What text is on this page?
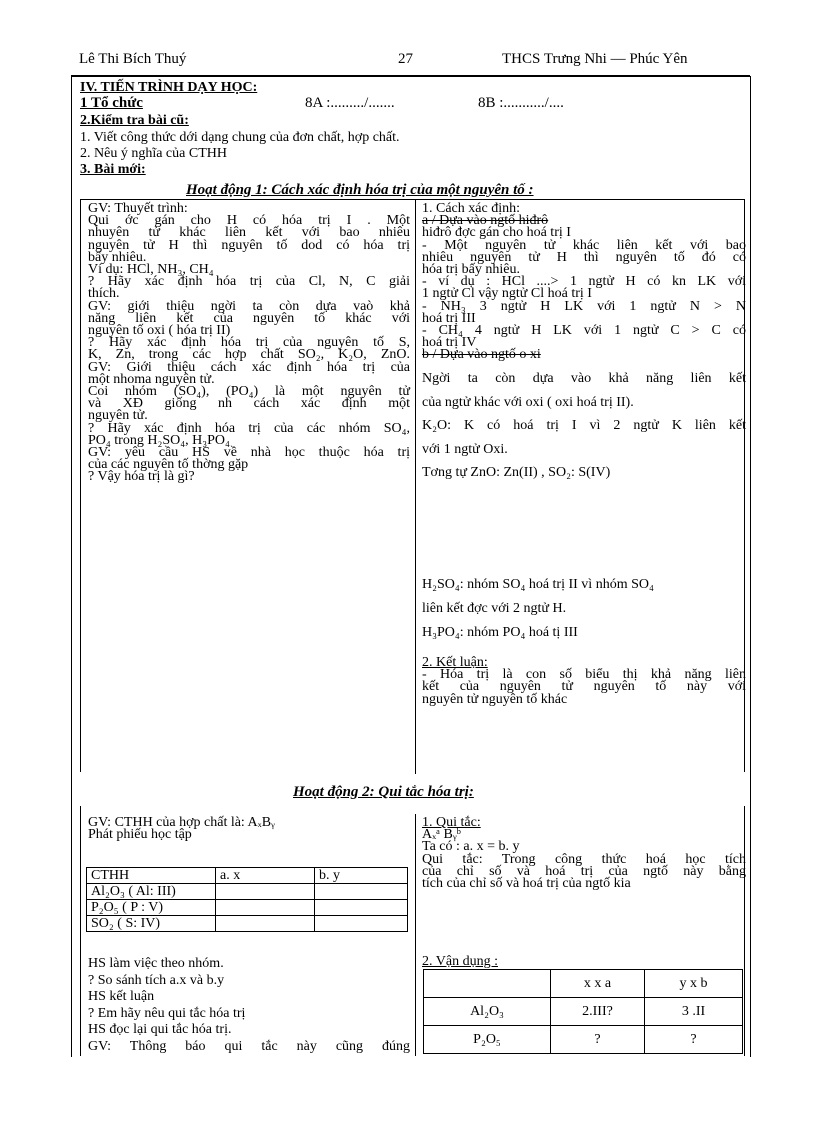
Lê Thi Bích Thuý	27	THCS Trưng Nhi — Phúc Yên
IV. TIẾN TRÌNH DẠY HỌC:
1 Tổ chức	8A :........./.......	8B :.........../....
2.Kiểm tra bài cũ:
1. Viết công thức dới dạng chung của đơn chất, hợp chất.
2. Nêu ý nghĩa của CTHH
3. Bài mới:
Hoạt động 1: Cách xác định hóa trị của một nguyên tố :
GV: Thuyết trình:
Qui ớc gán cho H có hóa trị I . Một
nhuyên tử khác liên kết với bao nhiêu
nguyên tử H thì nguyên tố dod có hóa trị
bấy nhiêu.
Ví dụ: HCl, NH₃, CH₄
? Hãy xác định hóa trị của Cl, N, C giải
thích.
GV: giới thiệu ngời ta còn dựa vaò khả
năng liên kết của nguyên tố khác với
nguyên tố oxi ( hóa trị II)
? Hãy xác định hóa trị của nguyên tố S,
K, Zn, trong các hợp chất SO₂, K₂O, ZnO.
GV: Giới thiệu cách xác định hóa trị của
một nhoma nguyên tử.
Coi nhóm (SO₄), (PO₄) là một nguyên tử
và XĐ giống nh cách xác định một
nguyên tử.
? Hãy xác định hóa trị của các nhóm SO₄,
PO₄ trong H₂SO₄, H₃PO₄
GV: yêu cầu HS về nhà học thuộc hóa trị
của các nguyên tố thờng gặp
? Vậy hóa trị là gì?
1. Cách xác định:
a / Dựa vào ngtố hiđrô
hiđrô đợc gán cho hoá trị I
- Một nguyên tử khác liên kết với bao
nhiêu nguyên tử H thì nguyên tố đó có
hóa trị bấy nhiêu.
- ví dụ : HCl ....> 1 ngtử H có kn LK với
1 ngtử Cl vậy ngtử Cl hoá trị I
- NH₃ 3 ngtử H LK với 1 ngtử N > N
hoá trị III
- CH₄ 4 ngtử H LK với 1 ngtử C > C có
hoá trị IV
b / Dựa vào ngtố o xi
Ngời ta còn dựa vào khả năng liên kết
của ngtử khác với oxi ( oxi hoá trị II).
K₂O: K có hoá trị I vì 2 ngtử K liên kết
với 1 ngtử Oxi.
Tơng tự ZnO: Zn(II) , SO₂: S(IV)
H₂SO₄: nhóm SO₄ hoá trị II vì nhóm SO₄
liên kết đợc với 2 ngtử H.
H₃PO₄: nhóm PO₄ hoá tị III
2. Kết luận:
- Hóa trị là con số biểu thị khả năng liên
kết của nguyên tử nguyên tố này với
nguyên tử nguyên tố khác
Hoạt động 2: Qui tắc hóa trị:
GV: CTHH của hợp chất là: AₓBᵧ
Phát phiếu học tập
CTHH	a. x	b. y
Al₂O₃ ( Al: III)		
P₂O₅ ( P : V)		
SO₂ ( S: IV)		
HS làm việc theo nhóm.
? So sánh tích a.x và b.y
HS kết luận
? Em hãy nêu qui tắc hóa trị
HS đọc lại qui tắc hóa trị.
GV: Thông báo qui tắc này cũng đúng
1. Qui tắc:
Aₓᵃ Bᵧᵇ
Ta có : a. x = b. y
Qui tắc: Trong công thức hoá học tích
của chỉ số và hoá trị của ngtố này bằng
tích của chỉ số và hoá trị của ngtố kia
2. Vận dụng :
	x x a	y x b
Al₂O₃	2.III?	3 .II
P₂O₅	?	?
